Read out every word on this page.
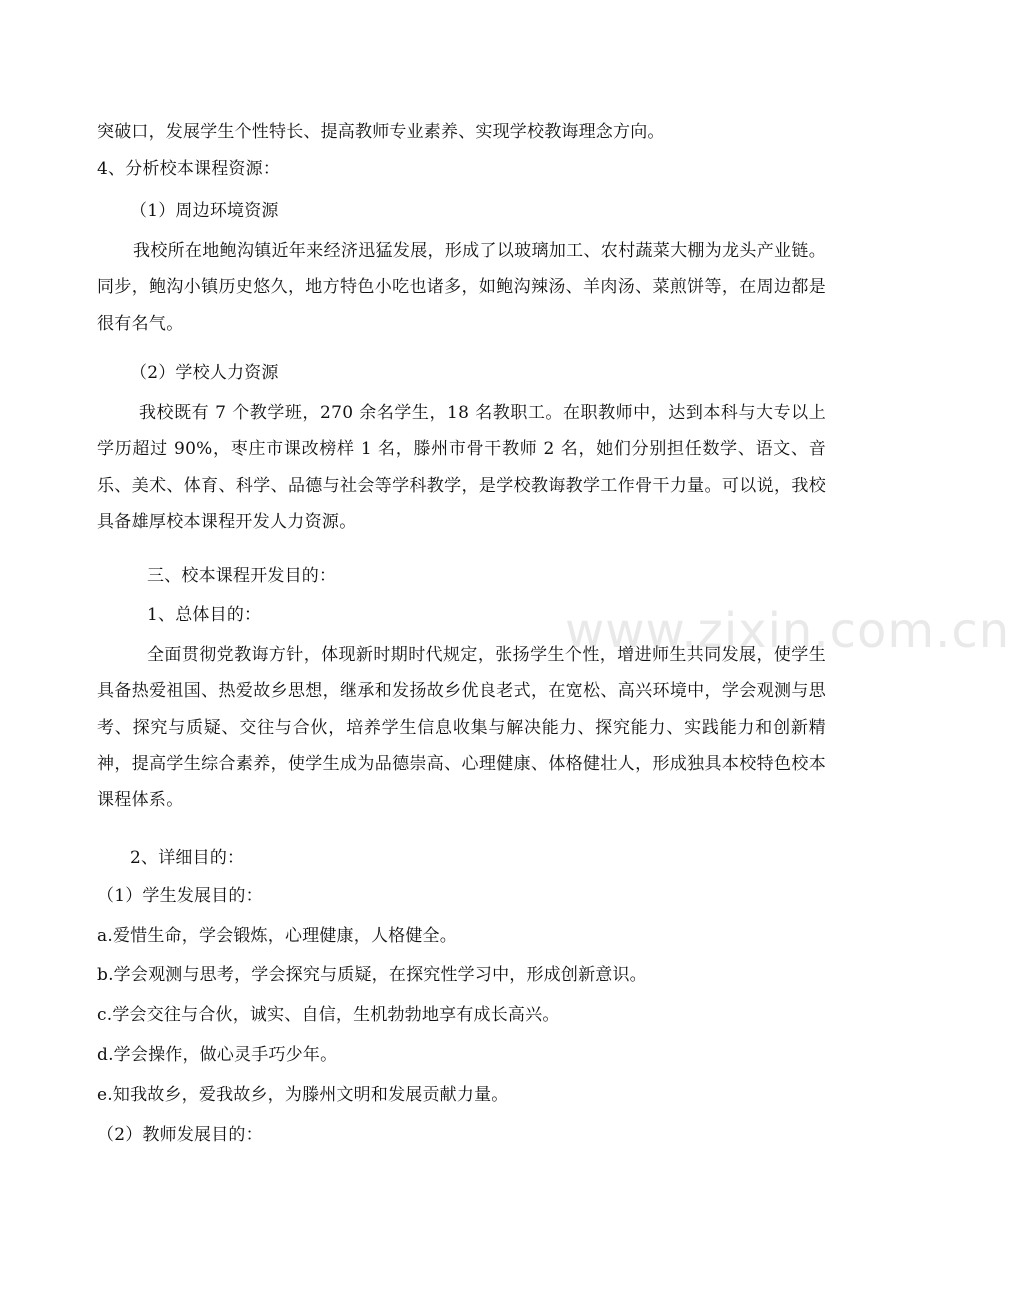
www.zixin.com.cn
突破口，发展学生个性特长、提高教师专业素养、实现学校教诲理念方向。
4、分析校本课程资源：
（1）周边环境资源
我校所在地鲍沟镇近年来经济迅猛发展，形成了以玻璃加工、农村蔬菜大棚为龙头产业链。同步，鲍沟小镇历史悠久，地方特色小吃也诸多，如鲍沟辣汤、羊肉汤、菜煎饼等，在周边都是很有名气。
（2）学校人力资源
我校既有 7 个教学班，270 余名学生，18 名教职工。在职教师中，达到本科与大专以上学历超过 90%，枣庄市课改榜样 1 名，滕州市骨干教师 2 名，她们分别担任数学、语文、音乐、美术、体育、科学、品德与社会等学科教学，是学校教诲教学工作骨干力量。可以说，我校具备雄厚校本课程开发人力资源。
三、校本课程开发目的：
1、总体目的：
全面贯彻党教诲方针，体现新时期时代规定，张扬学生个性，增进师生共同发展，使学生具备热爱祖国、热爱故乡思想，继承和发扬故乡优良老式，在宽松、高兴环境中，学会观测与思考、探究与质疑、交往与合伙，培养学生信息收集与解决能力、探究能力、实践能力和创新精神，提高学生综合素养，使学生成为品德崇高、心理健康、体格健壮人，形成独具本校特色校本课程体系。
2、详细目的：
（1）学生发展目的：
a.爱惜生命，学会锻炼，心理健康，人格健全。
b.学会观测与思考，学会探究与质疑，在探究性学习中，形成创新意识。
c.学会交往与合伙，诚实、自信，生机勃勃地享有成长高兴。
d.学会操作，做心灵手巧少年。
e.知我故乡，爱我故乡，为滕州文明和发展贡献力量。
（2）教师发展目的：
